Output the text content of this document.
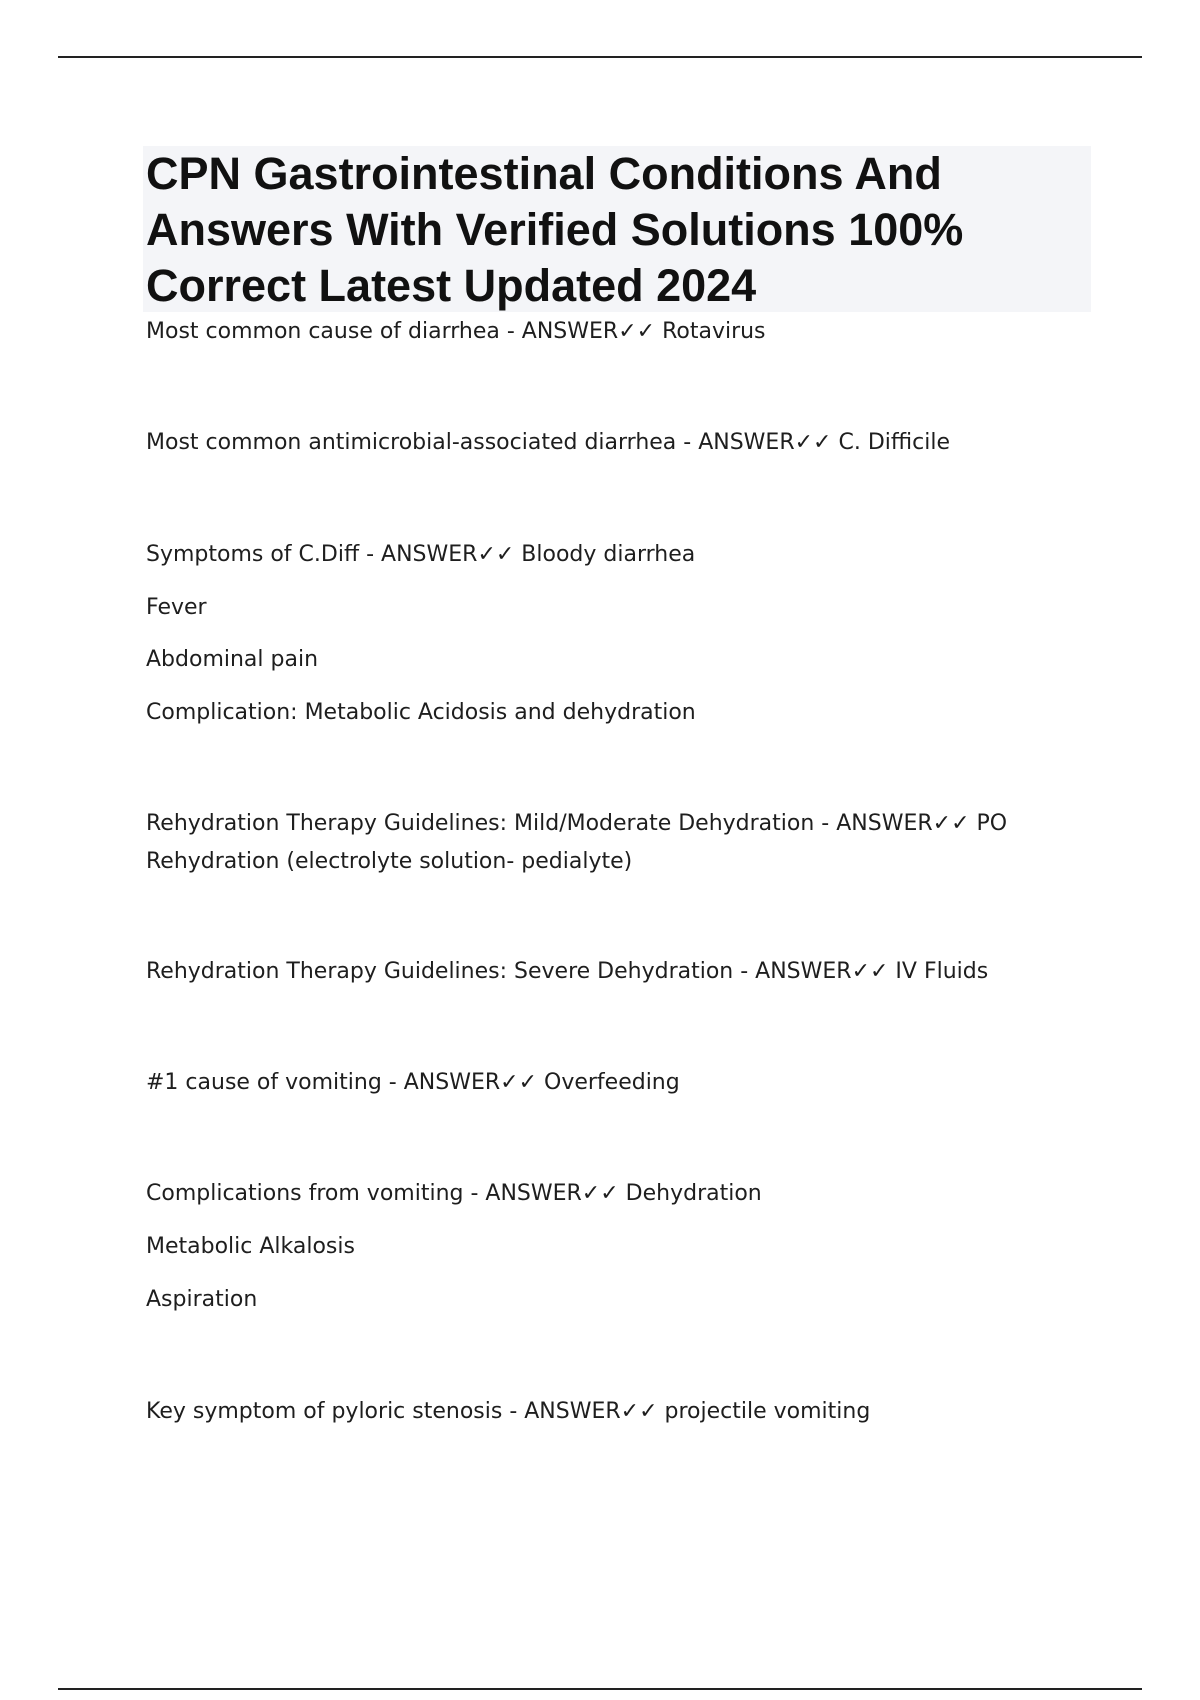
CPN Gastrointestinal Conditions And Answers With Verified Solutions 100% Correct Latest Updated 2024

Most common cause of diarrhea - ANSWER✓✓ Rotavirus

Most common antimicrobial-associated diarrhea - ANSWER✓✓ C. Difficile

Symptoms of C.Diff - ANSWER✓✓ Bloody diarrhea

Fever

Abdominal pain

Complication: Metabolic Acidosis and dehydration

Rehydration Therapy Guidelines: Mild/Moderate Dehydration - ANSWER✓✓ PO Rehydration (electrolyte solution- pedialyte)

Rehydration Therapy Guidelines: Severe Dehydration - ANSWER✓✓ IV Fluids

#1 cause of vomiting - ANSWER✓✓ Overfeeding

Complications from vomiting - ANSWER✓✓ Dehydration

Metabolic Alkalosis

Aspiration

Key symptom of pyloric stenosis - ANSWER✓✓ projectile vomiting
